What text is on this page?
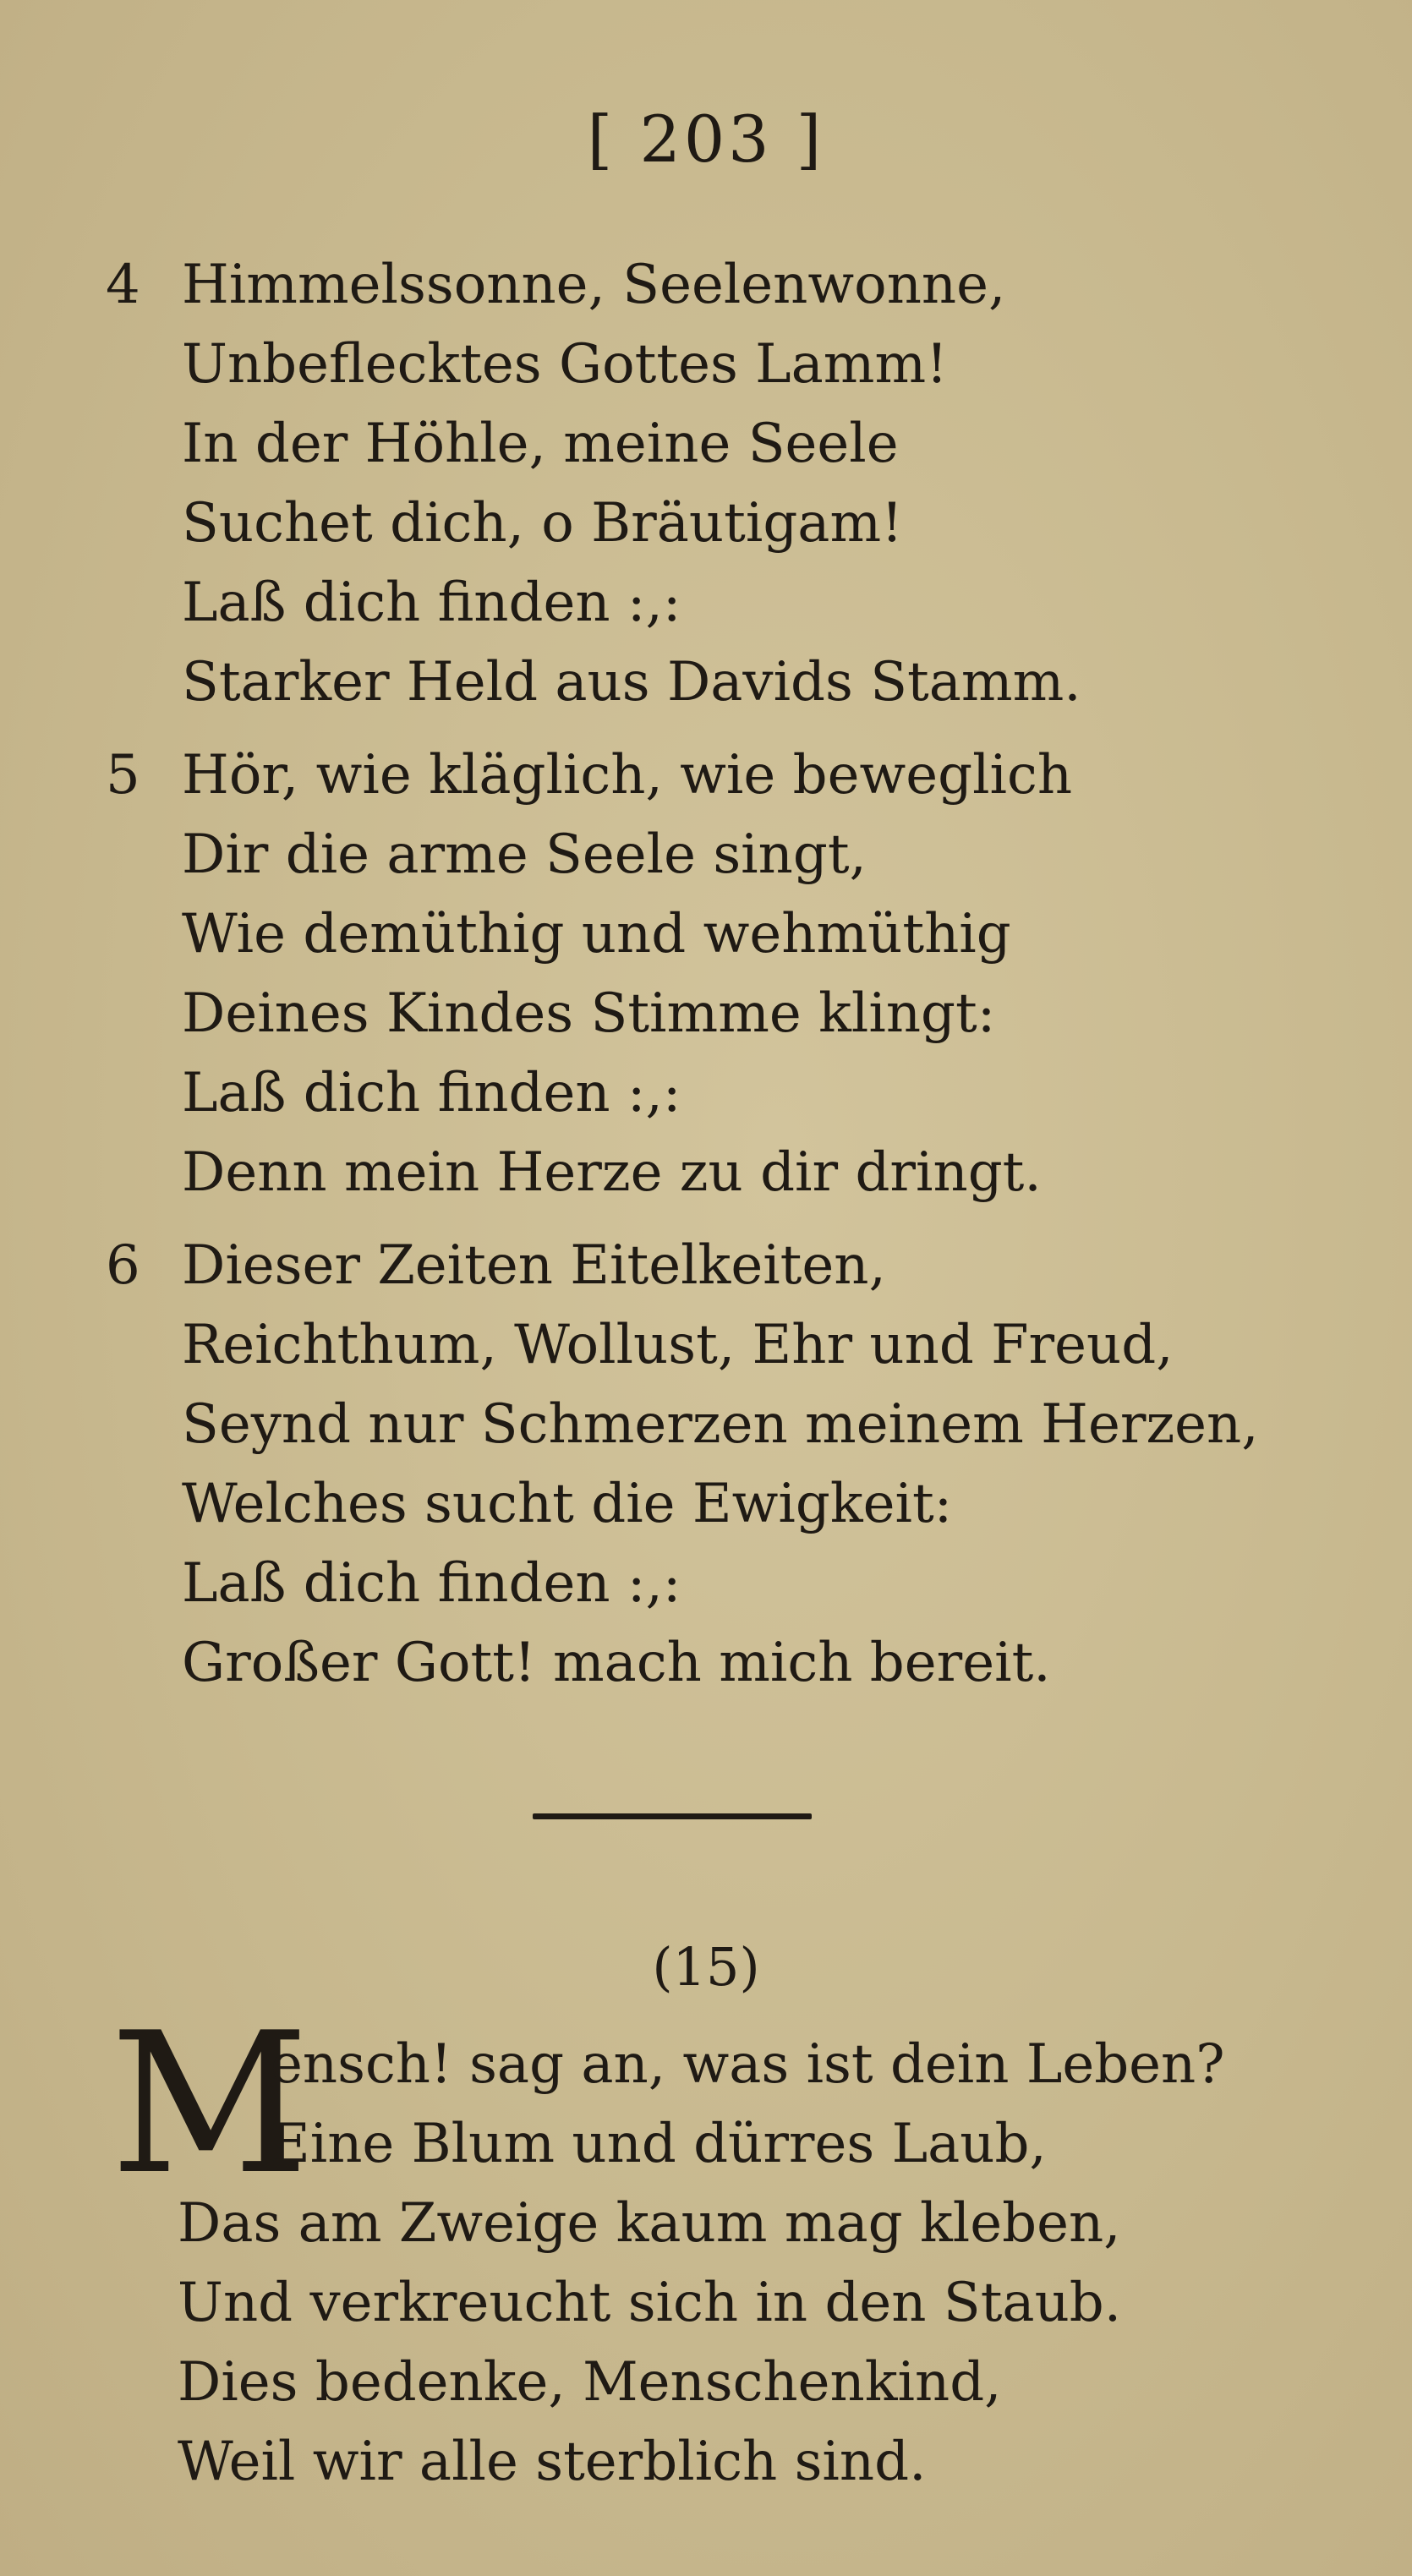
[ 203 ]
4 Himmelssonne, Seelenwonne,
Unbeflecktes Gottes Lamm!
In der Höhle, meine Seele
Suchet dich, o Bräutigam!
Laß dich finden :,:
Starker Held aus Davids Stamm.
5 Hör, wie kläglich, wie beweglich
Dir die arme Seele singt,
Wie demüthig und wehmüthig
Deines Kindes Stimme klingt:
Laß dich finden :,:
Denn mein Herze zu dir dringt.
6 Dieser Zeiten Eitelkeiten,
Reichthum, Wollust, Ehr und Freud,
Seynd nur Schmerzen meinem Herzen,
Welches sucht die Ewigkeit:
Laß dich finden :,:
Großer Gott! mach mich bereit.
(15)
M
ensch! sag an, was ist dein Leben?
Eine Blum und dürres Laub,
Das am Zweige kaum mag kleben,
Und verkreucht sich in den Staub.
Dies bedenke, Menschenkind,
Weil wir alle sterblich sind.
